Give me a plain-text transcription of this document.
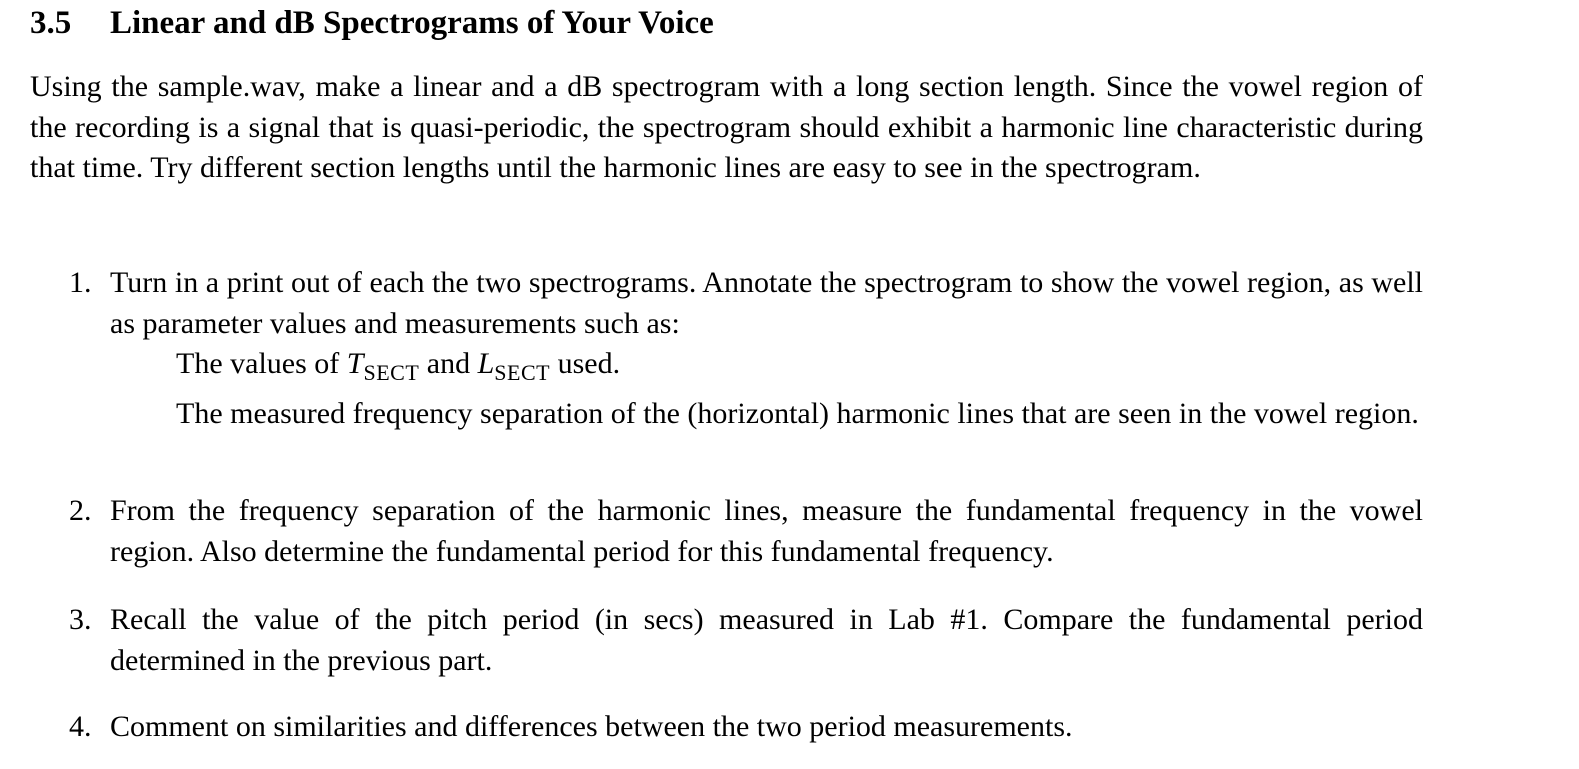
3.5 Linear and dB Spectrograms of Your Voice

Using the sample.wav, make a linear and a dB spectrogram with a long section length. Since the vowel region of the recording is a signal that is quasi-periodic, the spectrogram should exhibit a harmonic line characteristic during that time. Try different section lengths until the harmonic lines are easy to see in the spectrogram.

1. Turn in a print out of each the two spectrograms. Annotate the spectrogram to show the vowel region, as well as parameter values and measurements such as:
The values of $T_{SECT}$ and $L_{SECT}$ used.
The measured frequency separation of the (horizontal) harmonic lines that are seen in the vowel region.
2. From the frequency separation of the harmonic lines, measure the fundamental frequency in the vowel region. Also determine the fundamental period for this fundamental frequency.
3. Recall the value of the pitch period (in secs) measured in Lab #1. Compare the fundamental period determined in the previous part.
4. Comment on similarities and differences between the two period measurements.
